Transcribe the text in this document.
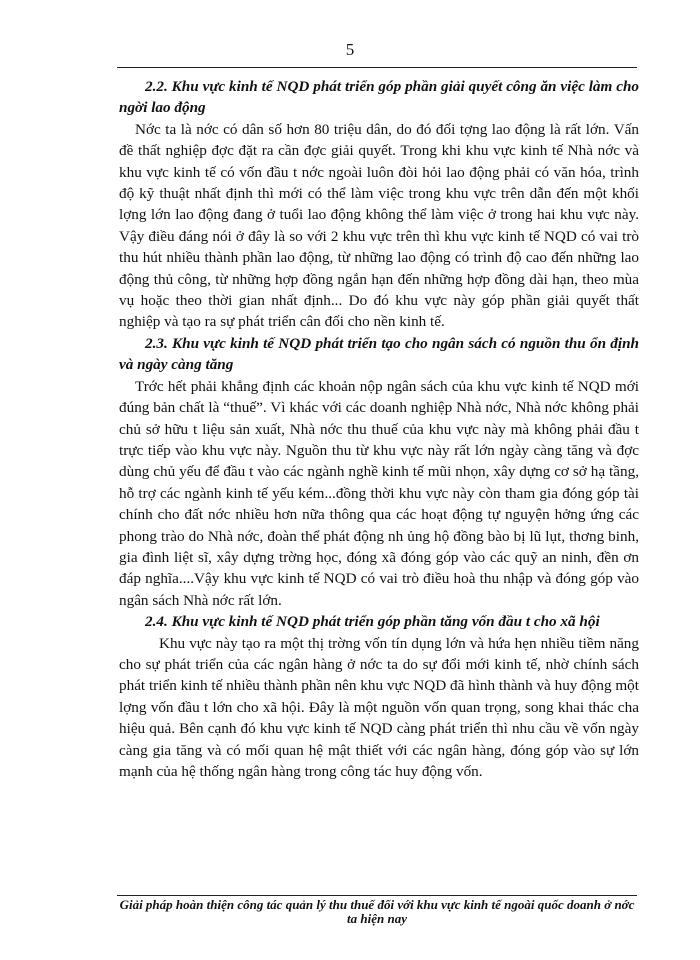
5

2.2. Khu vực kinh tế NQD phát triển góp phần giải quyết công ăn việc làm cho ngời lao động

Nớc ta là nớc có dân số hơn 80 triệu dân, do đó đối tợng lao động là rất lớn. Vấn đề thất nghiệp đợc đặt ra cần đợc giải quyết. Trong khi khu vực kinh tế Nhà nớc và khu vực kinh tế có vốn đầu t nớc ngoài luôn đòi hỏi lao động phải có văn hóa, trình độ kỹ thuật nhất định thì mới có thể làm việc trong khu vực trên dẫn đến một khối lợng lớn lao động đang ở tuổi lao động không thể làm việc ở trong hai khu vực này. Vậy điều đáng nói ở đây là so với 2 khu vực trên thì khu vực kinh tế NQD có vai trò thu hút nhiều thành phần lao động, từ những lao động có trình độ cao đến những lao động thủ công, từ những hợp đồng ngắn hạn đến những hợp đồng dài hạn, theo mùa vụ hoặc theo thời gian nhất định... Do đó khu vực này góp phần giải quyết thất nghiệp và tạo ra sự phát triển cân đối cho nền kinh tế.

2.3. Khu vực kinh tế NQD phát triển tạo cho ngân sách có nguồn thu ổn định và ngày càng tăng

Trớc hết phải khẳng định các khoản nộp ngân sách của khu vực kinh tế NQD mới đúng bản chất là “thuế”. Vì khác với các doanh nghiệp Nhà nớc, Nhà nớc không phải chủ sở hữu t liệu sản xuất, Nhà nớc thu thuế của khu vực này mà không phải đầu t trực tiếp vào khu vực này. Nguồn thu từ khu vực này rất lớn ngày càng tăng và đợc dùng chủ yếu để đầu t vào các ngành nghề kinh tế mũi nhọn, xây dựng cơ sở hạ tầng, hỗ trợ các ngành kinh tế yếu kém...đồng thời khu vực này còn tham gia đóng góp tài chính cho đất nớc nhiều hơn nữa thông qua các hoạt động tự nguyện hởng ứng các phong trào do Nhà nớc, đoàn thể phát động nh ủng hộ đồng bào bị lũ lụt, thơng binh, gia đình liệt sĩ, xây dựng trờng học, đóng xã đóng góp vào các quỹ an ninh, đền ơn đáp nghĩa....Vậy khu vực kinh tế NQD có vai trò điều hoà thu nhập và đóng góp vào ngân sách Nhà nớc rất lớn.

2.4. Khu vực kinh tế NQD phát triển góp phần tăng vốn đầu t cho xã hội

Khu vực này tạo ra một thị trờng vốn tín dụng lớn và hứa hẹn nhiều tiềm năng cho sự phát triển của các ngân hàng ở nớc ta do sự đổi mới kinh tế, nhờ chính sách phát triển kinh tế nhiều thành phần nên khu vực NQD đã hình thành và huy động một lợng vốn đầu t lớn cho xã hội. Đây là một nguồn vốn quan trọng, song khai thác cha hiệu quả. Bên cạnh đó khu vực kinh tế NQD càng phát triển thì nhu cầu về vốn ngày càng gia tăng và có mối quan hệ mật thiết với các ngân hàng, đóng góp vào sự lớn mạnh của hệ thống ngân hàng trong công tác huy động vốn.

Giải pháp hoàn thiện công tác quản lý thu thuế đối với khu vực kinh tế ngoài quốc doanh ở nớc ta hiện nay
